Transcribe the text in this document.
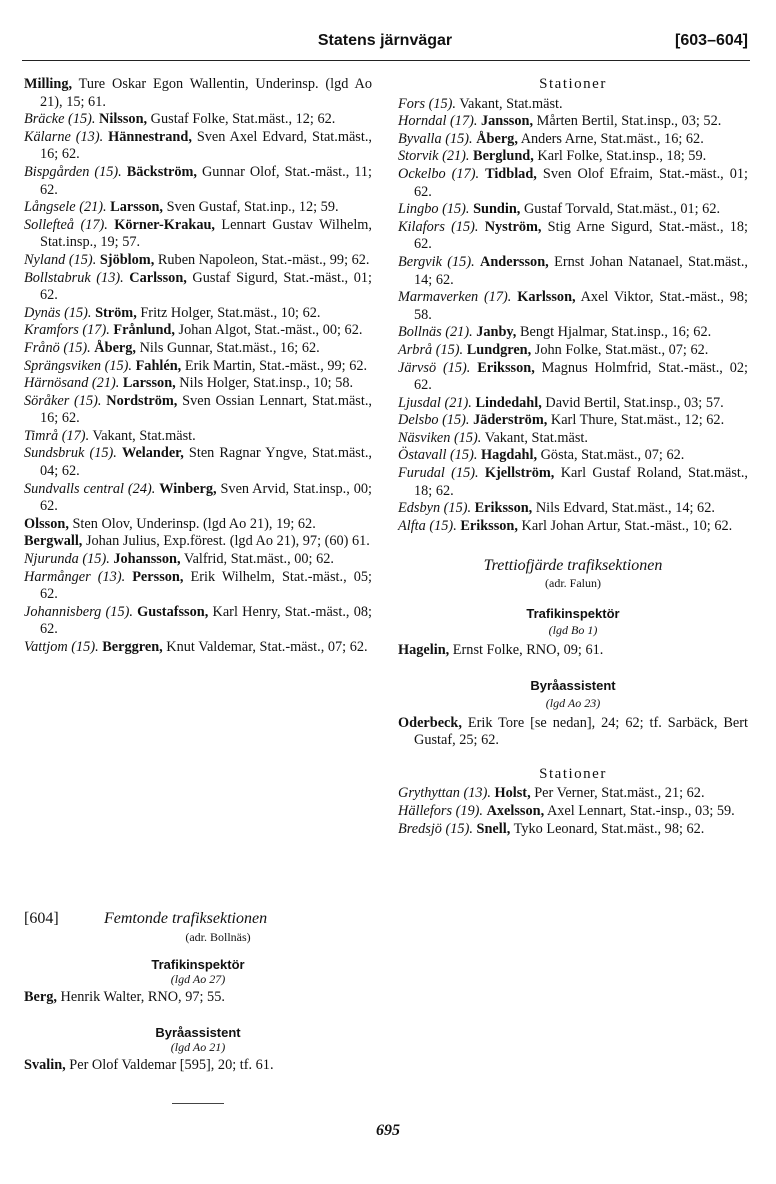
Statens järnvägar	[603–604]
Milling, Ture Oskar Egon Wallentin, Underinsp. (lgd Ao 21), 15; 61.
Bräcke (15). Nilsson, Gustaf Folke, Stat.mäst., 12; 62.
Kälarne (13). Hännestrand, Sven Axel Edvard, Stat.mäst., 16; 62.
Bispgården (15). Bäckström, Gunnar Olof, Stat.-mäst., 11; 62.
Långsele (21). Larsson, Sven Gustaf, Stat.inp., 12; 59.
Sollefteå (17). Körner-Krakau, Lennart Gustav Wilhelm, Stat.insp., 19; 57.
Nyland (15). Sjöblom, Ruben Napoleon, Stat.-mäst., 99; 62.
Bollstabruk (13). Carlsson, Gustaf Sigurd, Stat.-mäst., 01; 62.
Dynäs (15). Ström, Fritz Holger, Stat.mäst., 10; 62.
Kramfors (17). Frånlund, Johan Algot, Stat.-mäst., 00; 62.
Frånö (15). Åberg, Nils Gunnar, Stat.mäst., 16; 62.
Sprängsviken (15). Fahlén, Erik Martin, Stat.-mäst., 99; 62.
Härnösand (21). Larsson, Nils Holger, Stat.insp., 10; 58.
Söråker (15). Nordström, Sven Ossian Lennart, Stat.mäst., 16; 62.
Timrå (17). Vakant, Stat.mäst.
Sundsbruk (15). Welander, Sten Ragnar Yngve, Stat.mäst., 04; 62.
Sundvalls central (24). Winberg, Sven Arvid, Stat.insp., 00; 62.
Olsson, Sten Olov, Underinsp. (lgd Ao 21), 19; 62.
Bergwall, Johan Julius, Exp.förest. (lgd Ao 21), 97; (60) 61.
Njurunda (15). Johansson, Valfrid, Stat.mäst., 00; 62.
Harmånger (13). Persson, Erik Wilhelm, Stat.-mäst., 05; 62.
Johannisberg (15). Gustafsson, Karl Henry, Stat.-mäst., 08; 62.
Vattjom (15). Berggren, Knut Valdemar, Stat.-mäst., 07; 62.
[604]	Femtonde trafiksektionen
(adr. Bollnäs)
Trafikinspektör
(lgd Ao 27)
Berg, Henrik Walter, RNO, 97; 55.
Byråassistent
(lgd Ao 21)
Svalin, Per Olof Valdemar [595], 20; tf. 61.
Stationer
Fors (15). Vakant, Stat.mäst.
Horndal (17). Jansson, Mårten Bertil, Stat.insp., 03; 52.
Byvalla (15). Åberg, Anders Arne, Stat.mäst., 16; 62.
Storvik (21). Berglund, Karl Folke, Stat.insp., 18; 59.
Ockelbo (17). Tidblad, Sven Olof Efraim, Stat.-mäst., 01; 62.
Lingbo (15). Sundin, Gustaf Torvald, Stat.mäst., 01; 62.
Kilafors (15). Nyström, Stig Arne Sigurd, Stat.-mäst., 18; 62.
Bergvik (15). Andersson, Ernst Johan Natanael, Stat.mäst., 14; 62.
Marmaverken (17). Karlsson, Axel Viktor, Stat.-mäst., 98; 58.
Bollnäs (21). Janby, Bengt Hjalmar, Stat.insp., 16; 62.
Arbrå (15). Lundgren, John Folke, Stat.mäst., 07; 62.
Järvsö (15). Eriksson, Magnus Holmfrid, Stat.-mäst., 02; 62.
Ljusdal (21). Lindedahl, David Bertil, Stat.insp., 03; 57.
Delsbo (15). Jäderström, Karl Thure, Stat.mäst., 12; 62.
Näsviken (15). Vakant, Stat.mäst.
Östavall (15). Hagdahl, Gösta, Stat.mäst., 07; 62.
Furudal (15). Kjellström, Karl Gustaf Roland, Stat.mäst., 18; 62.
Edsbyn (15). Eriksson, Nils Edvard, Stat.mäst., 14; 62.
Alfta (15). Eriksson, Karl Johan Artur, Stat.-mäst., 10; 62.
Trettiofjärde trafiksektionen
(adr. Falun)
Trafikinspektör
(lgd Bo 1)
Hagelin, Ernst Folke, RNO, 09; 61.
Byråassistent
(lgd Ao 23)
Oderbeck, Erik Tore [se nedan], 24; 62; tf. Sarbäck, Bert Gustaf, 25; 62.
Stationer
Grythyttan (13). Holst, Per Verner, Stat.mäst., 21; 62.
Hällefors (19). Axelsson, Axel Lennart, Stat.-insp., 03; 59.
Bredsjö (15). Snell, Tyko Leonard, Stat.mäst., 98; 62.
695
